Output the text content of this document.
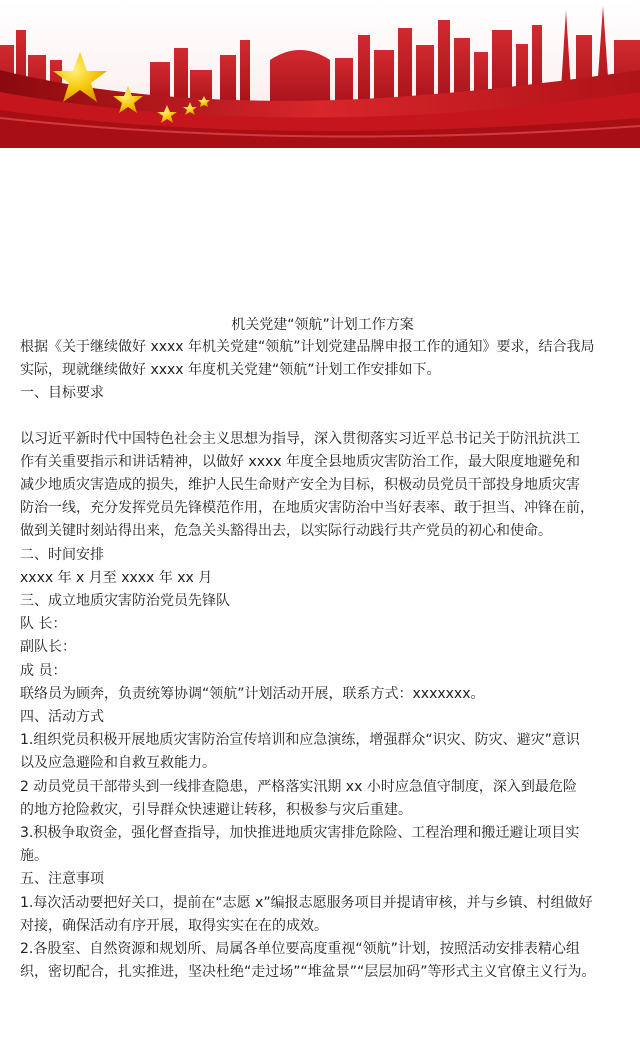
机关党建“领航”计划工作方案

根据《关于继续做好 xxxx 年机关党建“领航”计划党建品牌申报工作的通知》要求，结合我局

实际，现就继续做好 xxxx 年度机关党建“领航”计划工作安排如下。

一、目标要求

以习近平新时代中国特色社会主义思想为指导，深入贯彻落实习近平总书记关于防汛抗洪工

作有关重要指示和讲话精神，以做好 xxxx 年度全县地质灾害防治工作，最大限度地避免和

减少地质灾害造成的损失，维护人民生命财产安全为目标，积极动员党员干部投身地质灾害

防治一线，充分发挥党员先锋模范作用，在地质灾害防治中当好表率、敢于担当、冲锋在前，

做到关键时刻站得出来，危急关头豁得出去，以实际行动践行共产党员的初心和使命。

二、时间安排

xxxx 年 x 月至 xxxx 年 xx 月

三、成立地质灾害防治党员先锋队

队 长：

副队长：

成 员：

联络员为顾奔，负责统筹协调“领航”计划活动开展，联系方式：xxxxxxx。

四、活动方式

1.组织党员积极开展地质灾害防治宣传培训和应急演练，增强群众“识灾、防灾、避灾”意识

以及应急避险和自救互救能力。

2 动员党员干部带头到一线排查隐患，严格落实汛期 xx 小时应急值守制度，深入到最危险

的地方抢险救灾，引导群众快速避让转移，积极参与灾后重建。

3.积极争取资金，强化督查指导，加快推进地质灾害排危除险、工程治理和搬迁避让项目实

施。

五、注意事项

1.每次活动要把好关口，提前在“志愿 x”编报志愿服务项目并提请审核，并与乡镇、村组做好

对接，确保活动有序开展，取得实实在在的成效。

2.各股室、自然资源和规划所、局属各单位要高度重视“领航”计划，按照活动安排表精心组

织，密切配合，扎实推进，坚决杜绝“走过场”“堆盆景”“层层加码”等形式主义官僚主义行为。
